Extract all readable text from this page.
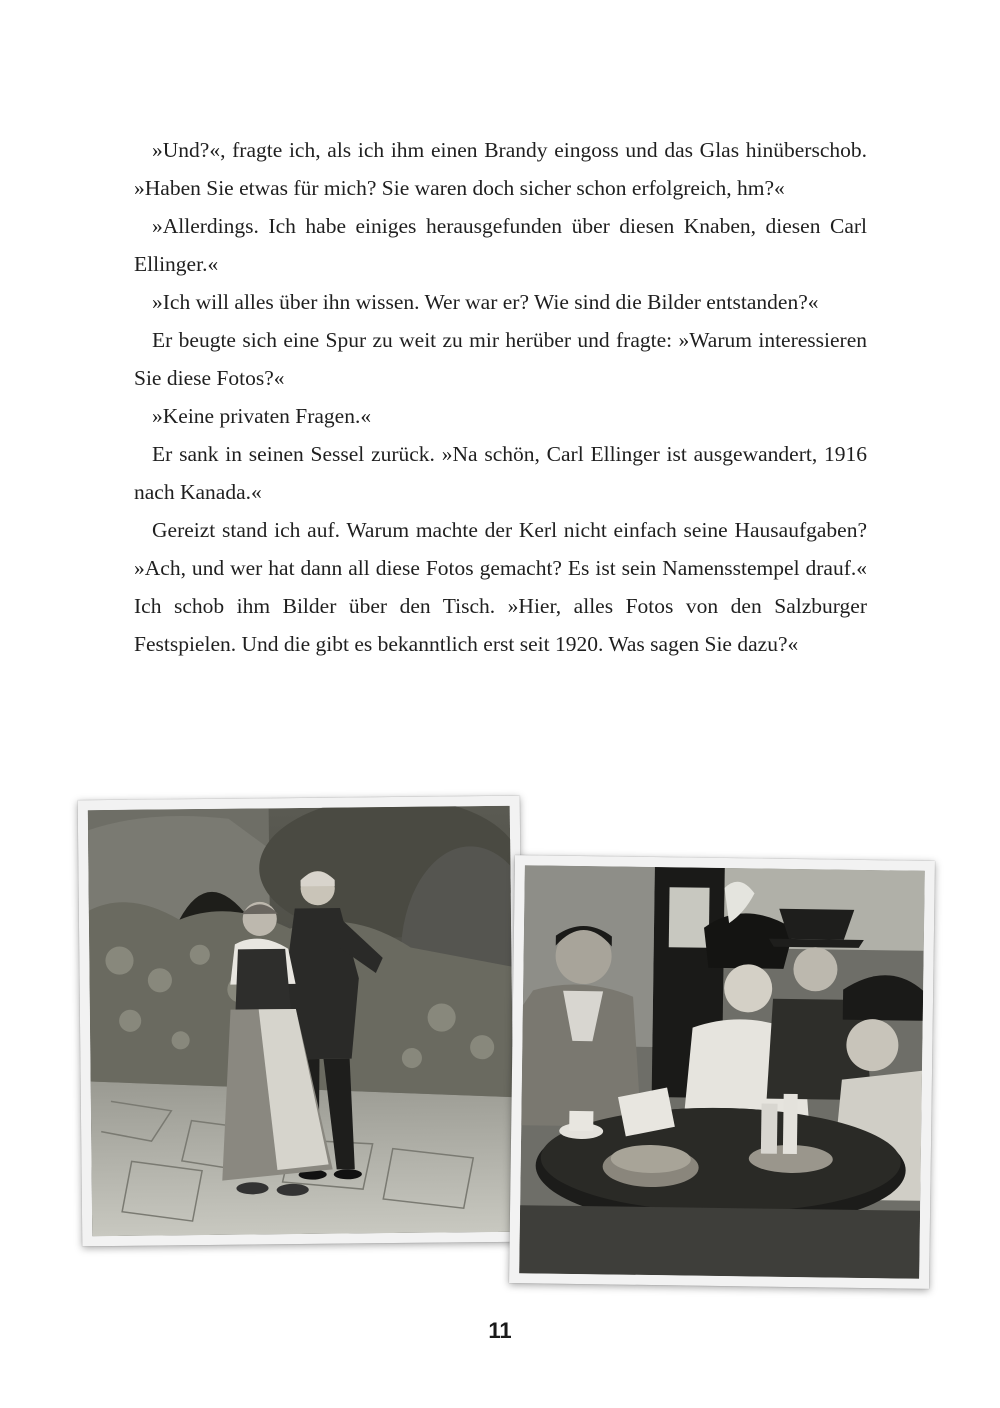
»Und?«, fragte ich, als ich ihm einen Brandy eingoss und das Glas hinüberschob. »Haben Sie etwas für mich? Sie waren doch sicher schon erfolgreich, hm?«

»Allerdings. Ich habe einiges herausgefunden über diesen Knaben, diesen Carl Ellinger.«

»Ich will alles über ihn wissen. Wer war er? Wie sind die Bilder entstanden?«

Er beugte sich eine Spur zu weit zu mir herüber und fragte: »Warum interessieren Sie diese Fotos?«

»Keine privaten Fragen.«

Er sank in seinen Sessel zurück. »Na schön, Carl Ellinger ist ausgewandert, 1916 nach Kanada.«

Gereizt stand ich auf. Warum machte der Kerl nicht einfach seine Hausaufgaben? »Ach, und wer hat dann all diese Fotos gemacht? Es ist sein Namensstempel drauf.« Ich schob ihm Bilder über den Tisch. »Hier, alles Fotos von den Salzburger Festspielen. Und die gibt es bekanntlich erst seit 1920. Was sagen Sie dazu?«

11
